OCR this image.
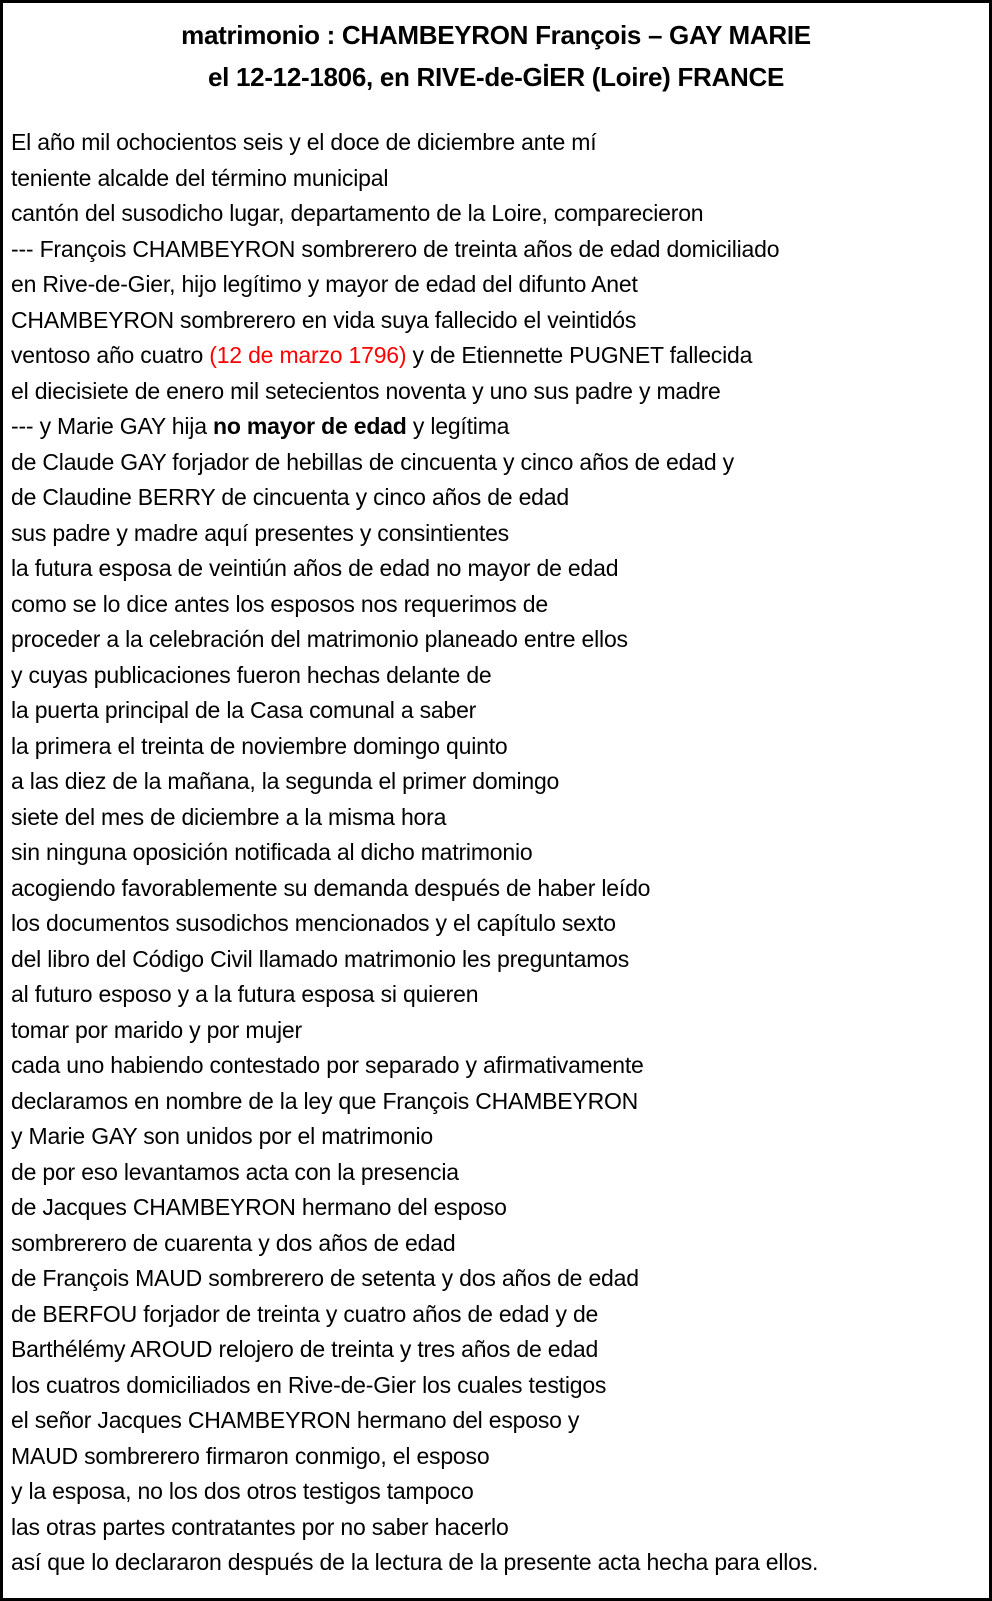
matrimonio : CHAMBEYRON François – GAY MARIE
el 12-12-1806, en RIVE-de-GİER (Loire) FRANCE
El año mil ochocientos seis y el doce de diciembre ante mí
teniente alcalde del término municipal
cantón del susodicho lugar, departamento de la Loire, comparecieron
--- François CHAMBEYRON sombrerero de treinta años de edad domiciliado
en Rive-de-Gier, hijo legítimo y mayor de edad del difunto Anet
CHAMBEYRON sombrerero en vida suya fallecido el veintidós
ventoso año cuatro (12 de marzo 1796) y de Etiennette PUGNET fallecida
el diecisiete de enero mil setecientos noventa y uno sus padre y madre
--- y Marie GAY hija no mayor de edad y legítima
de Claude GAY forjador de hebillas de cincuenta y cinco años de edad y
de Claudine BERRY de cincuenta y cinco años de edad
sus padre y madre aquí presentes y consintientes
la futura esposa de veintiún años de edad no mayor de edad
como se lo dice antes los esposos nos requerimos de
proceder a la celebración del matrimonio planeado entre ellos
y cuyas publicaciones fueron hechas delante de
la puerta principal de la Casa comunal a saber
la primera el treinta de noviembre domingo quinto
a las diez de la mañana, la segunda el primer domingo
siete del mes de diciembre a la misma hora
sin ninguna oposición notificada al dicho matrimonio
acogiendo favorablemente su demanda después de haber leído
los documentos susodichos mencionados y el capítulo sexto
del libro del Código Civil llamado matrimonio les preguntamos
al futuro esposo y a la futura esposa si quieren
tomar por marido y por mujer
cada uno habiendo contestado por separado y afirmativamente
declaramos en nombre de la ley que François CHAMBEYRON
y Marie GAY son unidos por el matrimonio
de por eso levantamos acta con la presencia
de Jacques CHAMBEYRON hermano del esposo
sombrerero de cuarenta y dos años de edad
de François MAUD sombrerero de setenta y dos años de edad
de BERFOU forjador de treinta y cuatro años de edad y de
Barthélémy AROUD relojero de treinta y tres años de edad
los cuatros domiciliados en Rive-de-Gier los cuales testigos
el señor Jacques CHAMBEYRON hermano del esposo y
MAUD sombrerero firmaron conmigo, el esposo
y la esposa, no los dos otros testigos tampoco
las otras partes contratantes por no saber hacerlo
así que lo declararon después de la lectura de la presente acta hecha para ellos.
